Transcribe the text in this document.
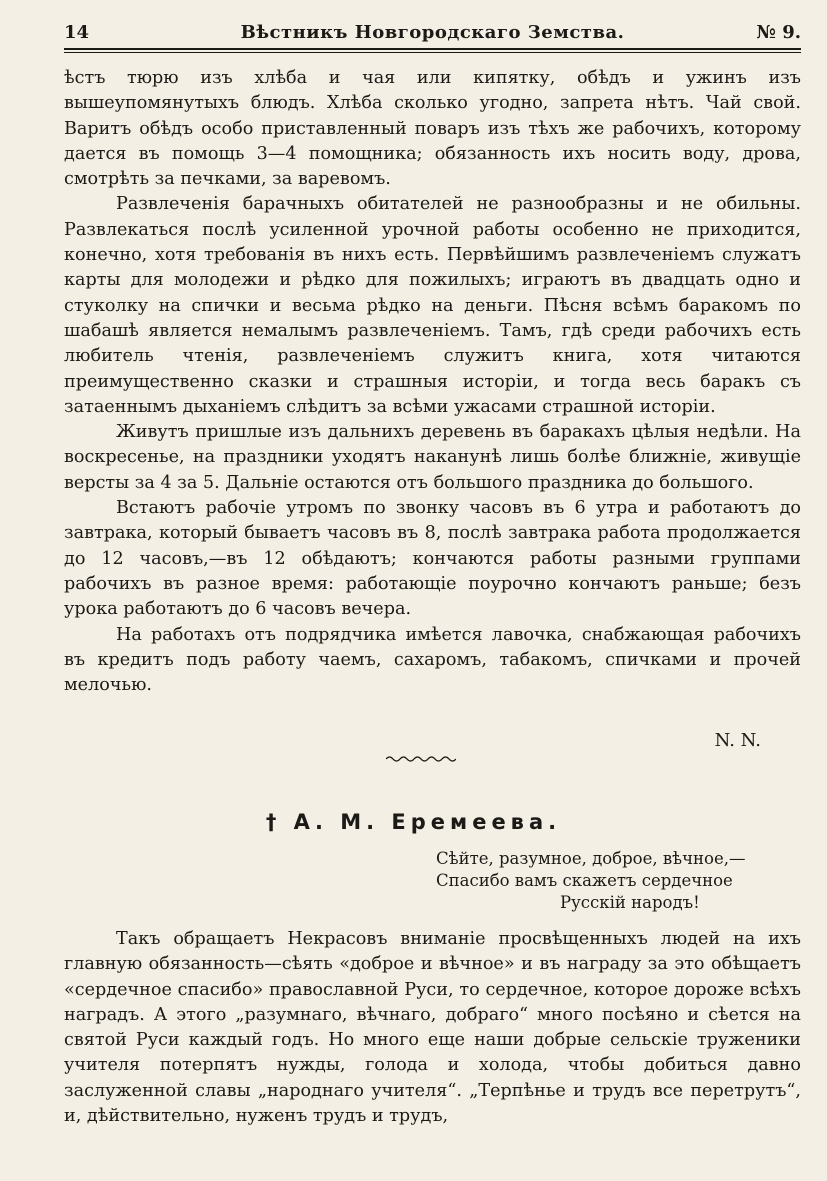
14	Вѣстникъ Новгородскаго Земства.	№ 9.

ѣстъ тюрю изъ хлѣба и чая или кипятку, обѣдъ и ужинъ изъ вышеупомянутыхъ блюдъ. Хлѣба сколько угодно, запрета нѣтъ. Чай свой. Варитъ обѣдъ особо приставленный поваръ изъ тѣхъ же рабочихъ, которому дается въ помощь 3—4 помощника; обязанность ихъ носить воду, дрова, смотрѣть за печками, за варевомъ.

Развлеченія барачныхъ обитателей не разнообразны и не обильны. Развлекаться послѣ усиленной урочной работы особенно не приходится, конечно, хотя требованія въ нихъ есть. Первѣйшимъ развлеченіемъ служатъ карты для молодежи и рѣдко для пожилыхъ; играютъ въ двадцать одно и стуколку на спички и весьма рѣдко на деньги. Пѣсня всѣмъ баракомъ по шабашѣ является немалымъ развлеченіемъ. Тамъ, гдѣ среди рабочихъ есть любитель чтенія, развлеченіемъ служитъ книга, хотя читаются преимущественно сказки и страшныя исторіи, и тогда весь баракъ съ затаеннымъ дыханіемъ слѣдитъ за всѣми ужасами страшной исторіи.

Живутъ пришлые изъ дальнихъ деревень въ баракахъ цѣлыя недѣли. На воскресенье, на праздники уходятъ наканунѣ лишь болѣе ближніе, живущіе версты за 4 за 5. Дальніе остаются отъ большого праздника до большого.

Встаютъ рабочіе утромъ по звонку часовъ въ 6 утра и работаютъ до завтрака, который бываетъ часовъ въ 8, послѣ завтрака работа продолжается до 12 часовъ,—въ 12 обѣдаютъ; кончаются работы разными группами рабочихъ въ разное время: работающіе поурочно кончаютъ раньше; безъ урока работаютъ до 6 часовъ вечера.

На работахъ отъ подрядчика имѣется лавочка, снабжающая рабочихъ въ кредитъ подъ работу чаемъ, сахаромъ, табакомъ, спичками и прочей мелочью.

N. N.
† А. М. Еремеева.
Сѣйте, разумное, доброе, вѣчное,—
Спасибо вамъ скажетъ сердечное
Русскій народъ!

Такъ обращаетъ Некрасовъ вниманіе просвѣщенныхъ людей на ихъ главную обязанность—сѣять «доброе и вѣчное» и въ награду за это обѣщаетъ «сердечное спасибо» православной Руси, то сердечное, которое дороже всѣхъ наградъ. А этого „разумнаго, вѣчнаго, добраго“ много посѣяно и сѣется на святой Руси каждый годъ. Но много еще наши добрые сельскіе труженики учителя потерпятъ нужды, голода и холода, чтобы добиться давно заслуженной славы „народнаго учителя“. „Терпѣнье и трудъ все перетрутъ“, и, дѣйствительно, нуженъ трудъ и трудъ,
